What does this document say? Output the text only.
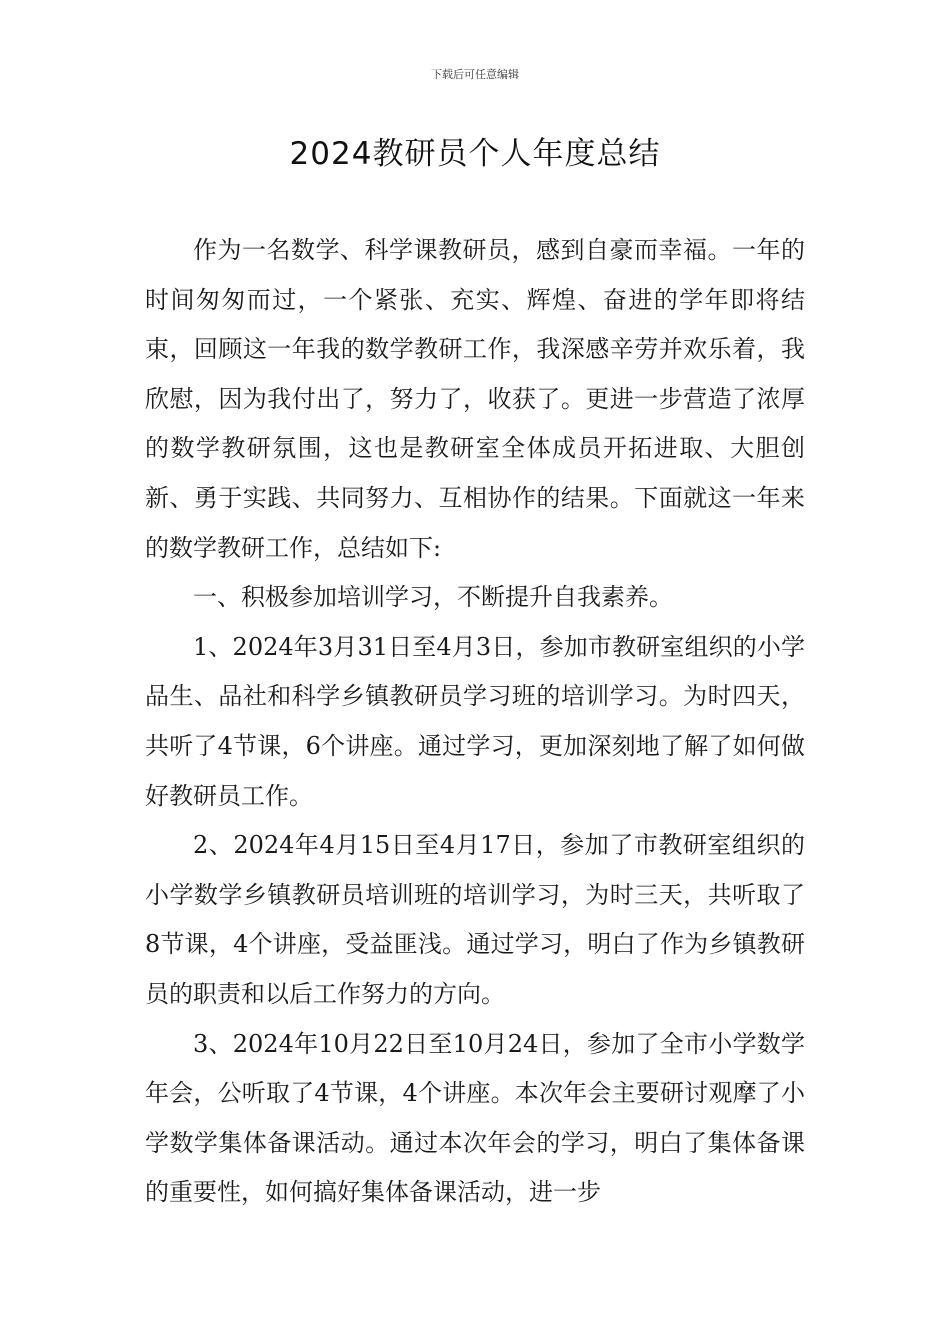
下载后可任意编辑
2024教研员个人年度总结

作为一名数学、科学课教研员，感到自豪而幸福。一年的时间匆匆而过，一个紧张、充实、辉煌、奋进的学年即将结束，回顾这一年我的数学教研工作，我深感辛劳并欢乐着，我欣慰，因为我付出了，努力了，收获了。更进一步营造了浓厚的数学教研氛围，这也是教研室全体成员开拓进取、大胆创新、勇于实践、共同努力、互相协作的结果。下面就这一年来的数学教研工作，总结如下:

一、积极参加培训学习，不断提升自我素养。

1、2024年3月31日至4月3日，参加市教研室组织的小学品生、品社和科学乡镇教研员学习班的培训学习。为时四天，共听了4节课，6个讲座。通过学习，更加深刻地了解了如何做好教研员工作。

2、2024年4月15日至4月17日，参加了市教研室组织的小学数学乡镇教研员培训班的培训学习，为时三天，共听取了8节课，4个讲座，受益匪浅。通过学习，明白了作为乡镇教研员的职责和以后工作努力的方向。

3、2024年10月22日至10月24日，参加了全市小学数学年会，公听取了4节课，4个讲座。本次年会主要研讨观摩了小学数学集体备课活动。通过本次年会的学习，明白了集体备课的重要性，如何搞好集体备课活动，进一步
